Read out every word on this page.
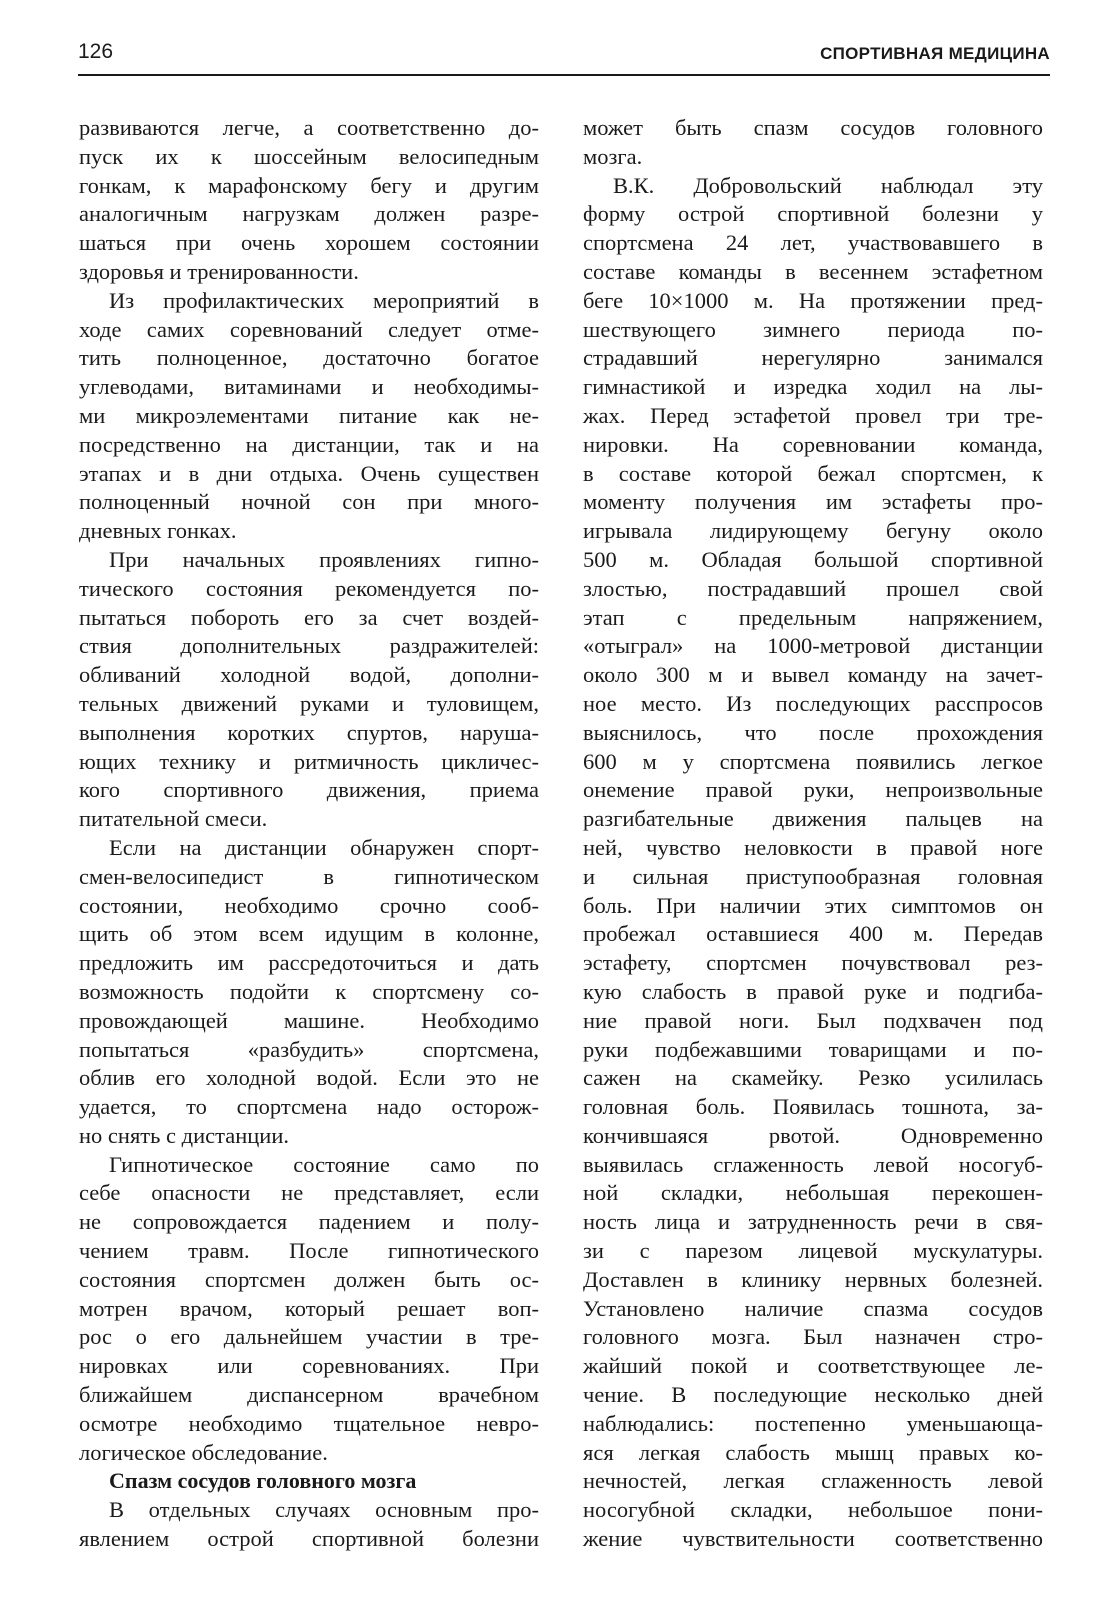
126	СПОРТИВНАЯ МЕДИЦИНА

развиваются легче, а соответственно до-
пуск их к шоссейным велосипедным
гонкам, к марафонскому бегу и другим
аналогичным нагрузкам должен разре-
шаться при очень хорошем состоянии
здоровья и тренированности.

Из профилактических мероприятий в
ходе самих соревнований следует отме-
тить полноценное, достаточно богатое
углеводами, витаминами и необходимы-
ми микроэлементами питание как не-
посредственно на дистанции, так и на
этапах и в дни отдыха. Очень существен
полноценный ночной сон при много-
дневных гонках.

При начальных проявлениях гипно-
тического состояния рекомендуется по-
пытаться побороть его за счет воздей-
ствия дополнительных раздражителей:
обливаний холодной водой, дополни-
тельных движений руками и туловищем,
выполнения коротких спуртов, наруша-
ющих технику и ритмичность цикличес-
кого спортивного движения, приема
питательной смеси.

Если на дистанции обнаружен спорт-
смен-велосипедист в гипнотическом
состоянии, необходимо срочно сооб-
щить об этом всем идущим в колонне,
предложить им рассредоточиться и дать
возможность подойти к спортсмену со-
провождающей машине. Необходимо
попытаться «разбудить» спортсмена,
облив его холодной водой. Если это не
удается, то спортсмена надо осторож-
но снять с дистанции.

Гипнотическое состояние само по
себе опасности не представляет, если
не сопровождается падением и полу-
чением травм. После гипнотического
состояния спортсмен должен быть ос-
мотрен врачом, который решает воп-
рос о его дальнейшем участии в тре-
нировках или соревнованиях. При
ближайшем диспансерном врачебном
осмотре необходимо тщательное невро-
логическое обследование.

Спазм сосудов головного мозга

В отдельных случаях основным про-
явлением острой спортивной болезни

может быть спазм сосудов головного
мозга.

В.К. Добровольский наблюдал эту
форму острой спортивной болезни у
спортсмена 24 лет, участвовавшего в
составе команды в весеннем эстафетном
беге 10×1000 м. На протяжении пред-
шествующего зимнего периода по-
страдавший нерегулярно занимался
гимнастикой и изредка ходил на лы-
жах. Перед эстафетой провел три тре-
нировки. На соревновании команда,
в составе которой бежал спортсмен, к
моменту получения им эстафеты про-
игрывала лидирующему бегуну около
500 м. Обладая большой спортивной
злостью, пострадавший прошел свой
этап с предельным напряжением,
«отыграл» на 1000-метровой дистанции
около 300 м и вывел команду на зачет-
ное место. Из последующих расспросов
выяснилось, что после прохождения
600 м у спортсмена появились легкое
онемение правой руки, непроизвольные
разгибательные движения пальцев на
ней, чувство неловкости в правой ноге
и сильная приступообразная головная
боль. При наличии этих симптомов он
пробежал оставшиеся 400 м. Передав
эстафету, спортсмен почувствовал рез-
кую слабость в правой руке и подгиба-
ние правой ноги. Был подхвачен под
руки подбежавшими товарищами и по-
сажен на скамейку. Резко усилилась
головная боль. Появилась тошнота, за-
кончившаяся рвотой. Одновременно
выявилась сглаженность левой носогуб-
ной складки, небольшая перекошен-
ность лица и затрудненность речи в свя-
зи с парезом лицевой мускулатуры.
Доставлен в клинику нервных болезней.
Установлено наличие спазма сосудов
головного мозга. Был назначен стро-
жайший покой и соответствующее ле-
чение. В последующие несколько дней
наблюдались: постепенно уменьшающа-
яся легкая слабость мышц правых ко-
нечностей, легкая сглаженность левой
носогубной складки, небольшое пони-
жение чувствительности соответственно
